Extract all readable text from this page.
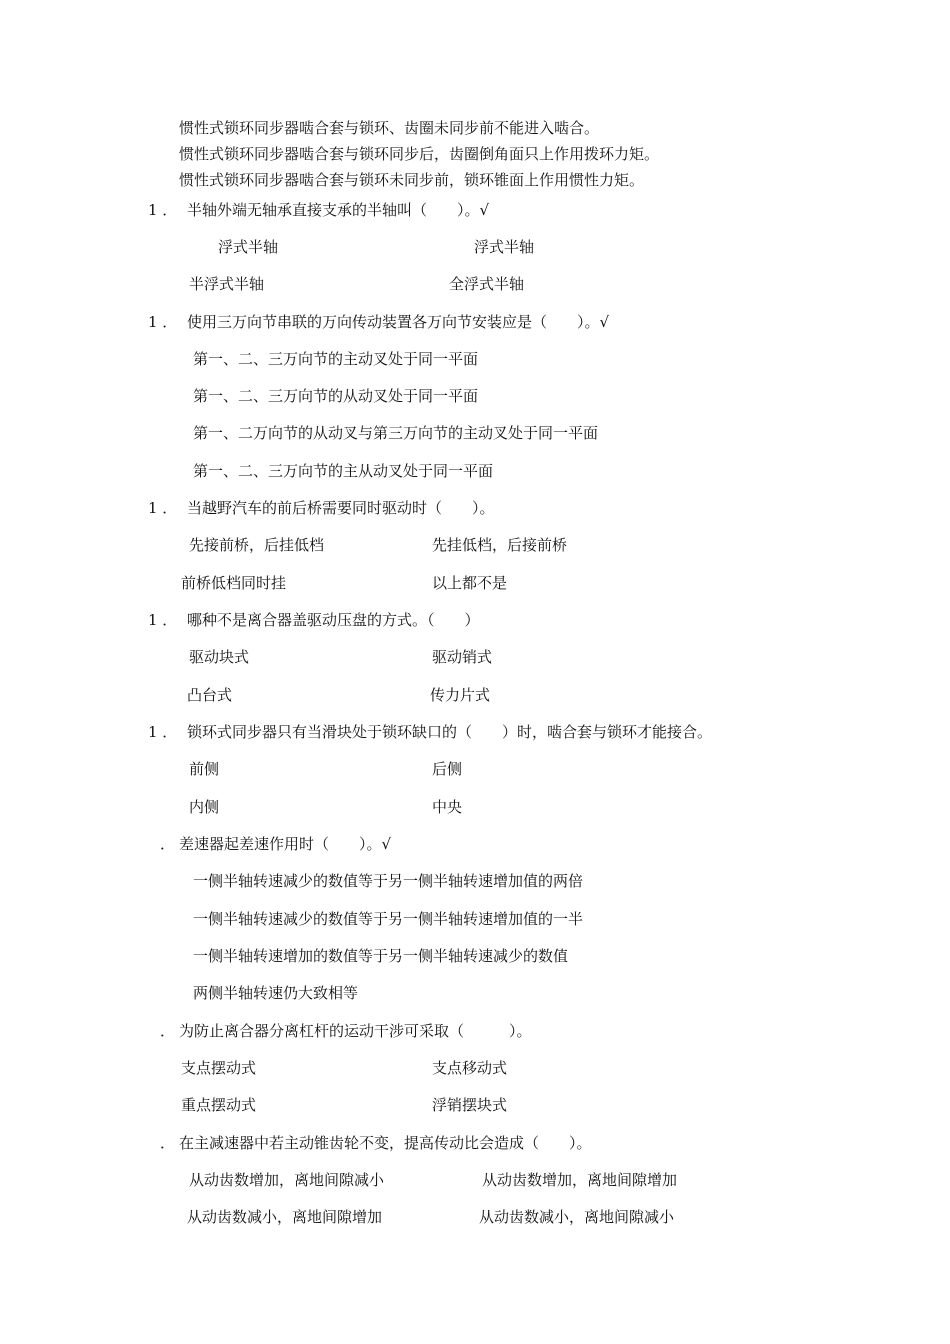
惯性式锁环同步器啮合套与锁环、齿圈未同步前不能进入啮合。
惯性式锁环同步器啮合套与锁环同步后，齿圈倒角面只上作用拨环力矩。
惯性式锁环同步器啮合套与锁环未同步前，锁环锥面上作用惯性力矩。
1 ． 半轴外端无轴承直接支承的半轴叫（　　）。√
浮式半轴	浮式半轴
半浮式半轴	全浮式半轴
1 ． 使用三万向节串联的万向传动装置各万向节安装应是（　　）。√
第一、二、三万向节的主动叉处于同一平面
第一、二、三万向节的从动叉处于同一平面
第一、二万向节的从动叉与第三万向节的主动叉处于同一平面
第一、二、三万向节的主从动叉处于同一平面
1 ． 当越野汽车的前后桥需要同时驱动时（　　）。
先接前桥，后挂低档	先挂低档，后接前桥
前桥低档同时挂	以上都不是
1 ． 哪种不是离合器盖驱动压盘的方式。（　　）
驱动块式	驱动销式
凸台式	传力片式
1 ． 锁环式同步器只有当滑块处于锁环缺口的（　　）时，啮合套与锁环才能接合。
前侧	后侧
内侧	中央
． 差速器起差速作用时（　　）。√
一侧半轴转速减少的数值等于另一侧半轴转速增加值的两倍
一侧半轴转速减少的数值等于另一侧半轴转速增加值的一半
一侧半轴转速增加的数值等于另一侧半轴转速减少的数值
两侧半轴转速仍大致相等
． 为防止离合器分离杠杆的运动干涉可采取（　　　）。
支点摆动式	支点移动式
重点摆动式	浮销摆块式
． 在主减速器中若主动锥齿轮不变，提高传动比会造成（　　）。
从动齿数增加，离地间隙减小	从动齿数增加，离地间隙增加
从动齿数减小，离地间隙增加	从动齿数减小，离地间隙减小
